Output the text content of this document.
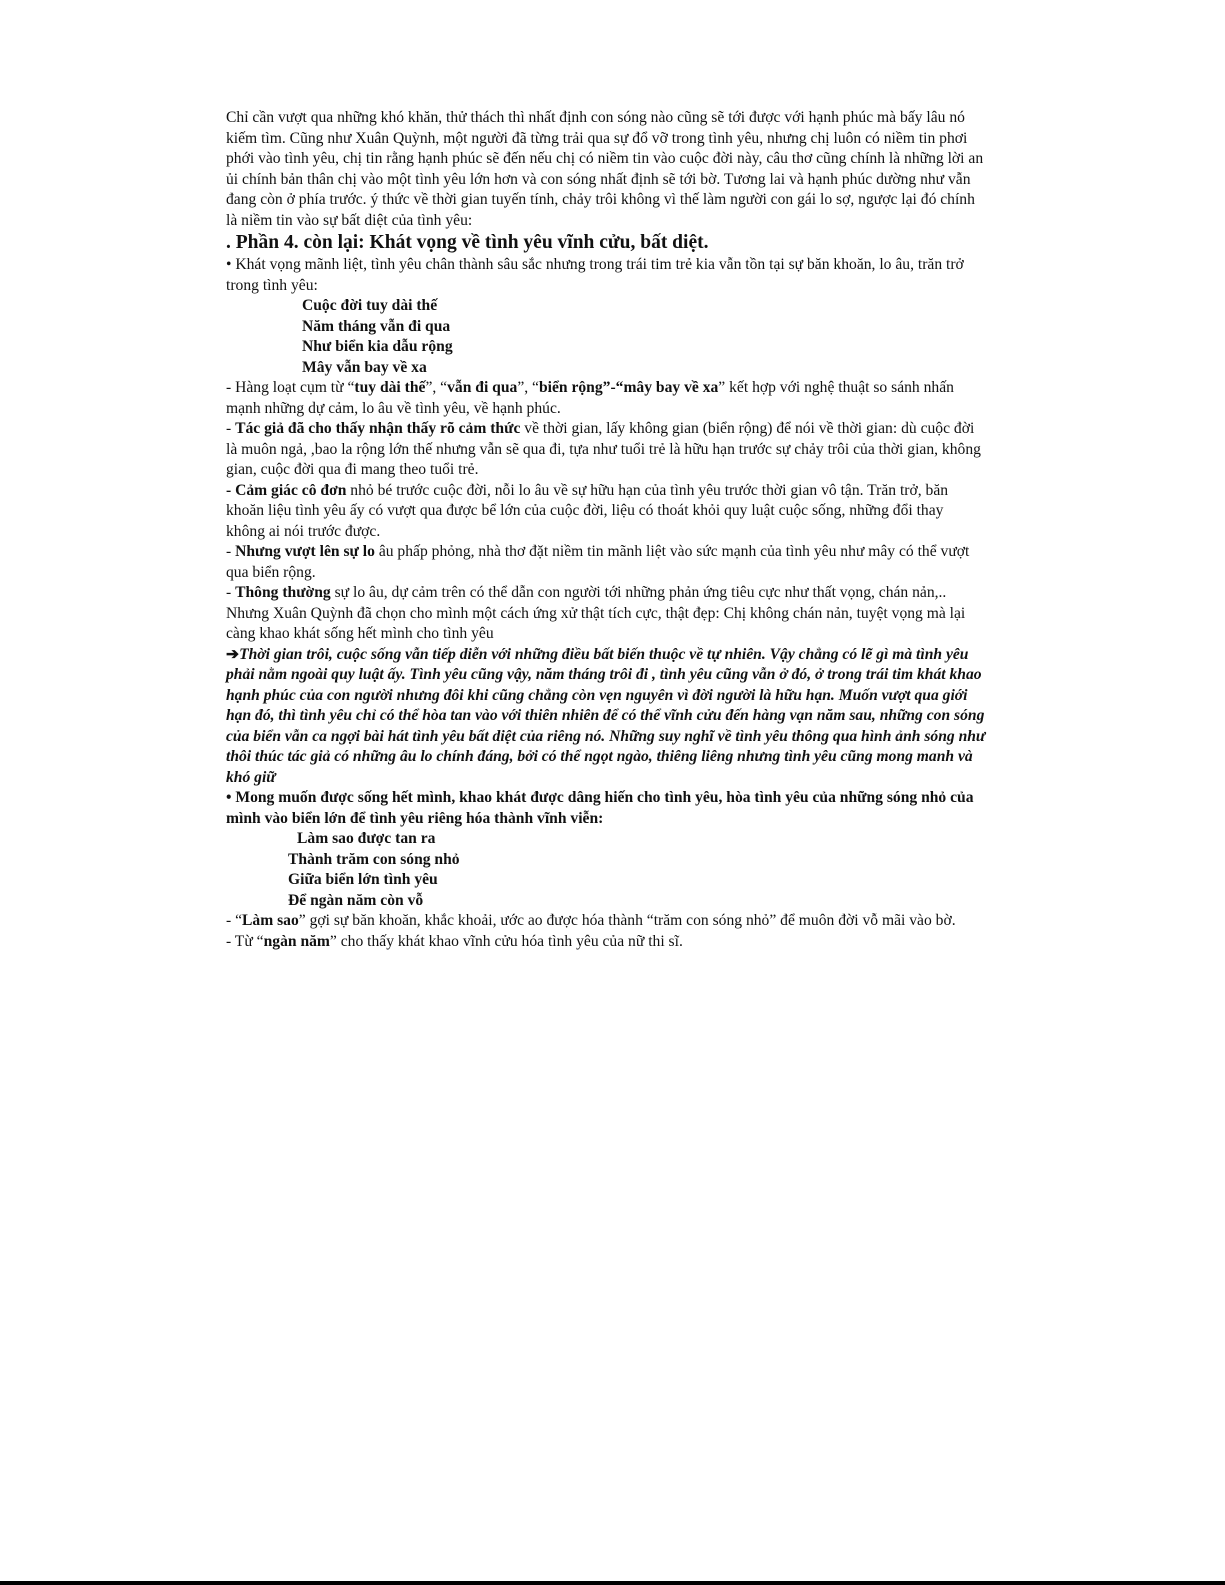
Chỉ cần vượt qua những khó khăn, thử thách thì nhất định con sóng nào cũng sẽ tới được với hạnh phúc mà bấy lâu nó kiếm tìm. Cũng như Xuân Quỳnh, một người đã từng trải qua sự đổ vỡ trong tình yêu, nhưng chị luôn có niềm tin phơi phới vào tình yêu, chị tin rằng hạnh phúc sẽ đến nếu chị có niềm tin vào cuộc đời này, câu thơ cũng chính là những lời an ủi chính bản thân chị vào một tình yêu lớn hơn và con sóng nhất định sẽ tới bờ. Tương lai và hạnh phúc dường như vẫn đang còn ở phía trước. ý thức về thời gian tuyến tính, chảy trôi không vì thế làm người con gái lo sợ, ngược lại đó chính là niềm tin vào sự bất diệt của tình yêu:

. Phần 4. còn lại: Khát vọng về tình yêu vĩnh cửu, bất diệt.

• Khát vọng mãnh liệt, tình yêu chân thành sâu sắc nhưng trong trái tim trẻ kia vẫn tồn tại sự băn khoăn, lo âu, trăn trở trong tình yêu:

Cuộc đời tuy dài thế
Năm tháng vẫn đi qua
Như biển kia dẫu rộng
Mây vẫn bay về xa

- Hàng loạt cụm từ “tuy dài thế”, “vẫn đi qua”, “biển rộng”-“mây bay về xa” kết hợp với nghệ thuật so sánh nhấn mạnh những dự cảm, lo âu về tình yêu, về hạnh phúc.

- Tác giả đã cho thấy nhận thấy rõ cảm thức về thời gian, lấy không gian (biển rộng) để nói về thời gian: dù cuộc đời là muôn ngả, ,bao la rộng lớn thế nhưng vẫn sẽ qua đi, tựa như tuổi trẻ là hữu hạn trước sự chảy trôi của thời gian, không gian, cuộc đời qua đi mang theo tuổi trẻ.

- Cảm giác cô đơn nhỏ bé trước cuộc đời, nỗi lo âu về sự hữu hạn của tình yêu trước thời gian vô tận. Trăn trở, băn khoăn liệu tình yêu ấy có vượt qua được bể lớn của cuộc đời, liệu có thoát khỏi quy luật cuộc sống, những đổi thay không ai nói trước được.

- Nhưng vượt lên sự lo âu phấp phỏng, nhà thơ đặt niềm tin mãnh liệt vào sức mạnh của tình yêu như mây có thể vượt qua biển rộng.

- Thông thường sự lo âu, dự cảm trên có thể dẫn con người tới những phản ứng tiêu cực như thất vọng, chán nản,.. Nhưng Xuân Quỳnh đã chọn cho mình một cách ứng xử thật tích cực, thật đẹp: Chị không chán nản, tuyệt vọng mà lại càng khao khát sống hết mình cho tình yêu

➔Thời gian trôi, cuộc sống vẫn tiếp diễn với những điều bất biến thuộc về tự nhiên. Vậy chẳng có lẽ gì mà tình yêu phải nằm ngoài quy luật ấy. Tình yêu cũng vậy, năm tháng trôi đi , tình yêu cũng vẫn ở đó, ở trong trái tim khát khao hạnh phúc của con người nhưng đôi khi cũng chẳng còn vẹn nguyên vì đời người là hữu hạn. Muốn vượt qua giới hạn đó, thì tình yêu chỉ có thể hòa tan vào với thiên nhiên để có thể vĩnh cửu đến hàng vạn năm sau, những con sóng của biển vẫn ca ngợi bài hát tình yêu bất diệt của riêng nó. Những suy nghĩ về tình yêu thông qua hình ảnh sóng như thôi thúc tác giả có những âu lo chính đáng, bởi có thể ngọt ngào, thiêng liêng nhưng tình yêu cũng mong manh và khó giữ

• Mong muốn được sống hết mình, khao khát được dâng hiến cho tình yêu, hòa tình yêu của những sóng nhỏ của mình vào biển lớn để tình yêu riêng hóa thành vĩnh viễn:

Làm sao được tan ra
Thành trăm con sóng nhỏ
Giữa biển lớn tình yêu
Để ngàn năm còn vỗ

- “Làm sao” gợi sự băn khoăn, khắc khoải, ước ao được hóa thành “trăm con sóng nhỏ” để muôn đời vỗ mãi vào bờ.

- Từ “ngàn năm” cho thấy khát khao vĩnh cửu hóa tình yêu của nữ thi sĩ.
